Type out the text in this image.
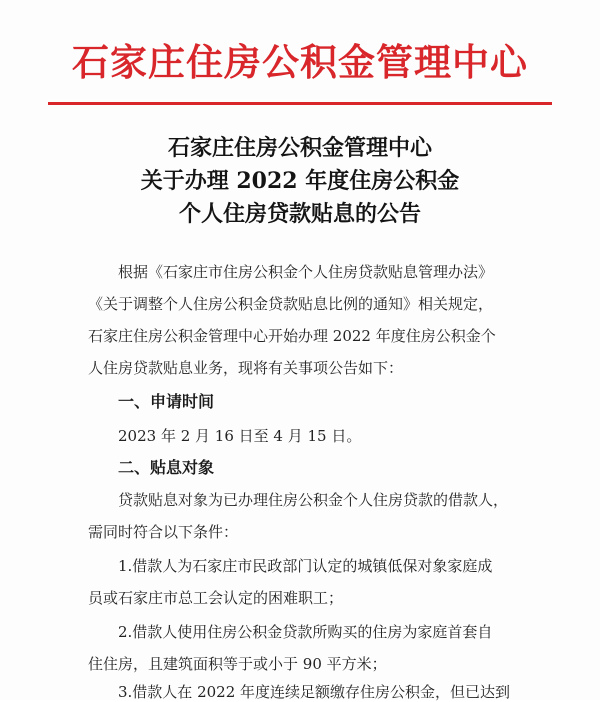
石家庄住房公积金管理中心
石家庄住房公积金管理中心
关于办理 2022 年度住房公积金
个人住房贷款贴息的公告
根据《石家庄市住房公积金个人住房贷款贴息管理办法》
《关于调整个人住房公积金贷款贴息比例的通知》相关规定，
石家庄住房公积金管理中心开始办理 2022 年度住房公积金个
人住房贷款贴息业务，现将有关事项公告如下：
一、申请时间
2023 年 2 月 16 日至 4 月 15 日。
二、贴息对象
贷款贴息对象为已办理住房公积金个人住房贷款的借款人，
需同时符合以下条件：
1.借款人为石家庄市民政部门认定的城镇低保对象家庭成
员或石家庄市总工会认定的困难职工；
2.借款人使用住房公积金贷款所购买的住房为家庭首套自
住住房，且建筑面积等于或小于 90 平方米；
3.借款人在 2022 年度连续足额缴存住房公积金，但已达到
